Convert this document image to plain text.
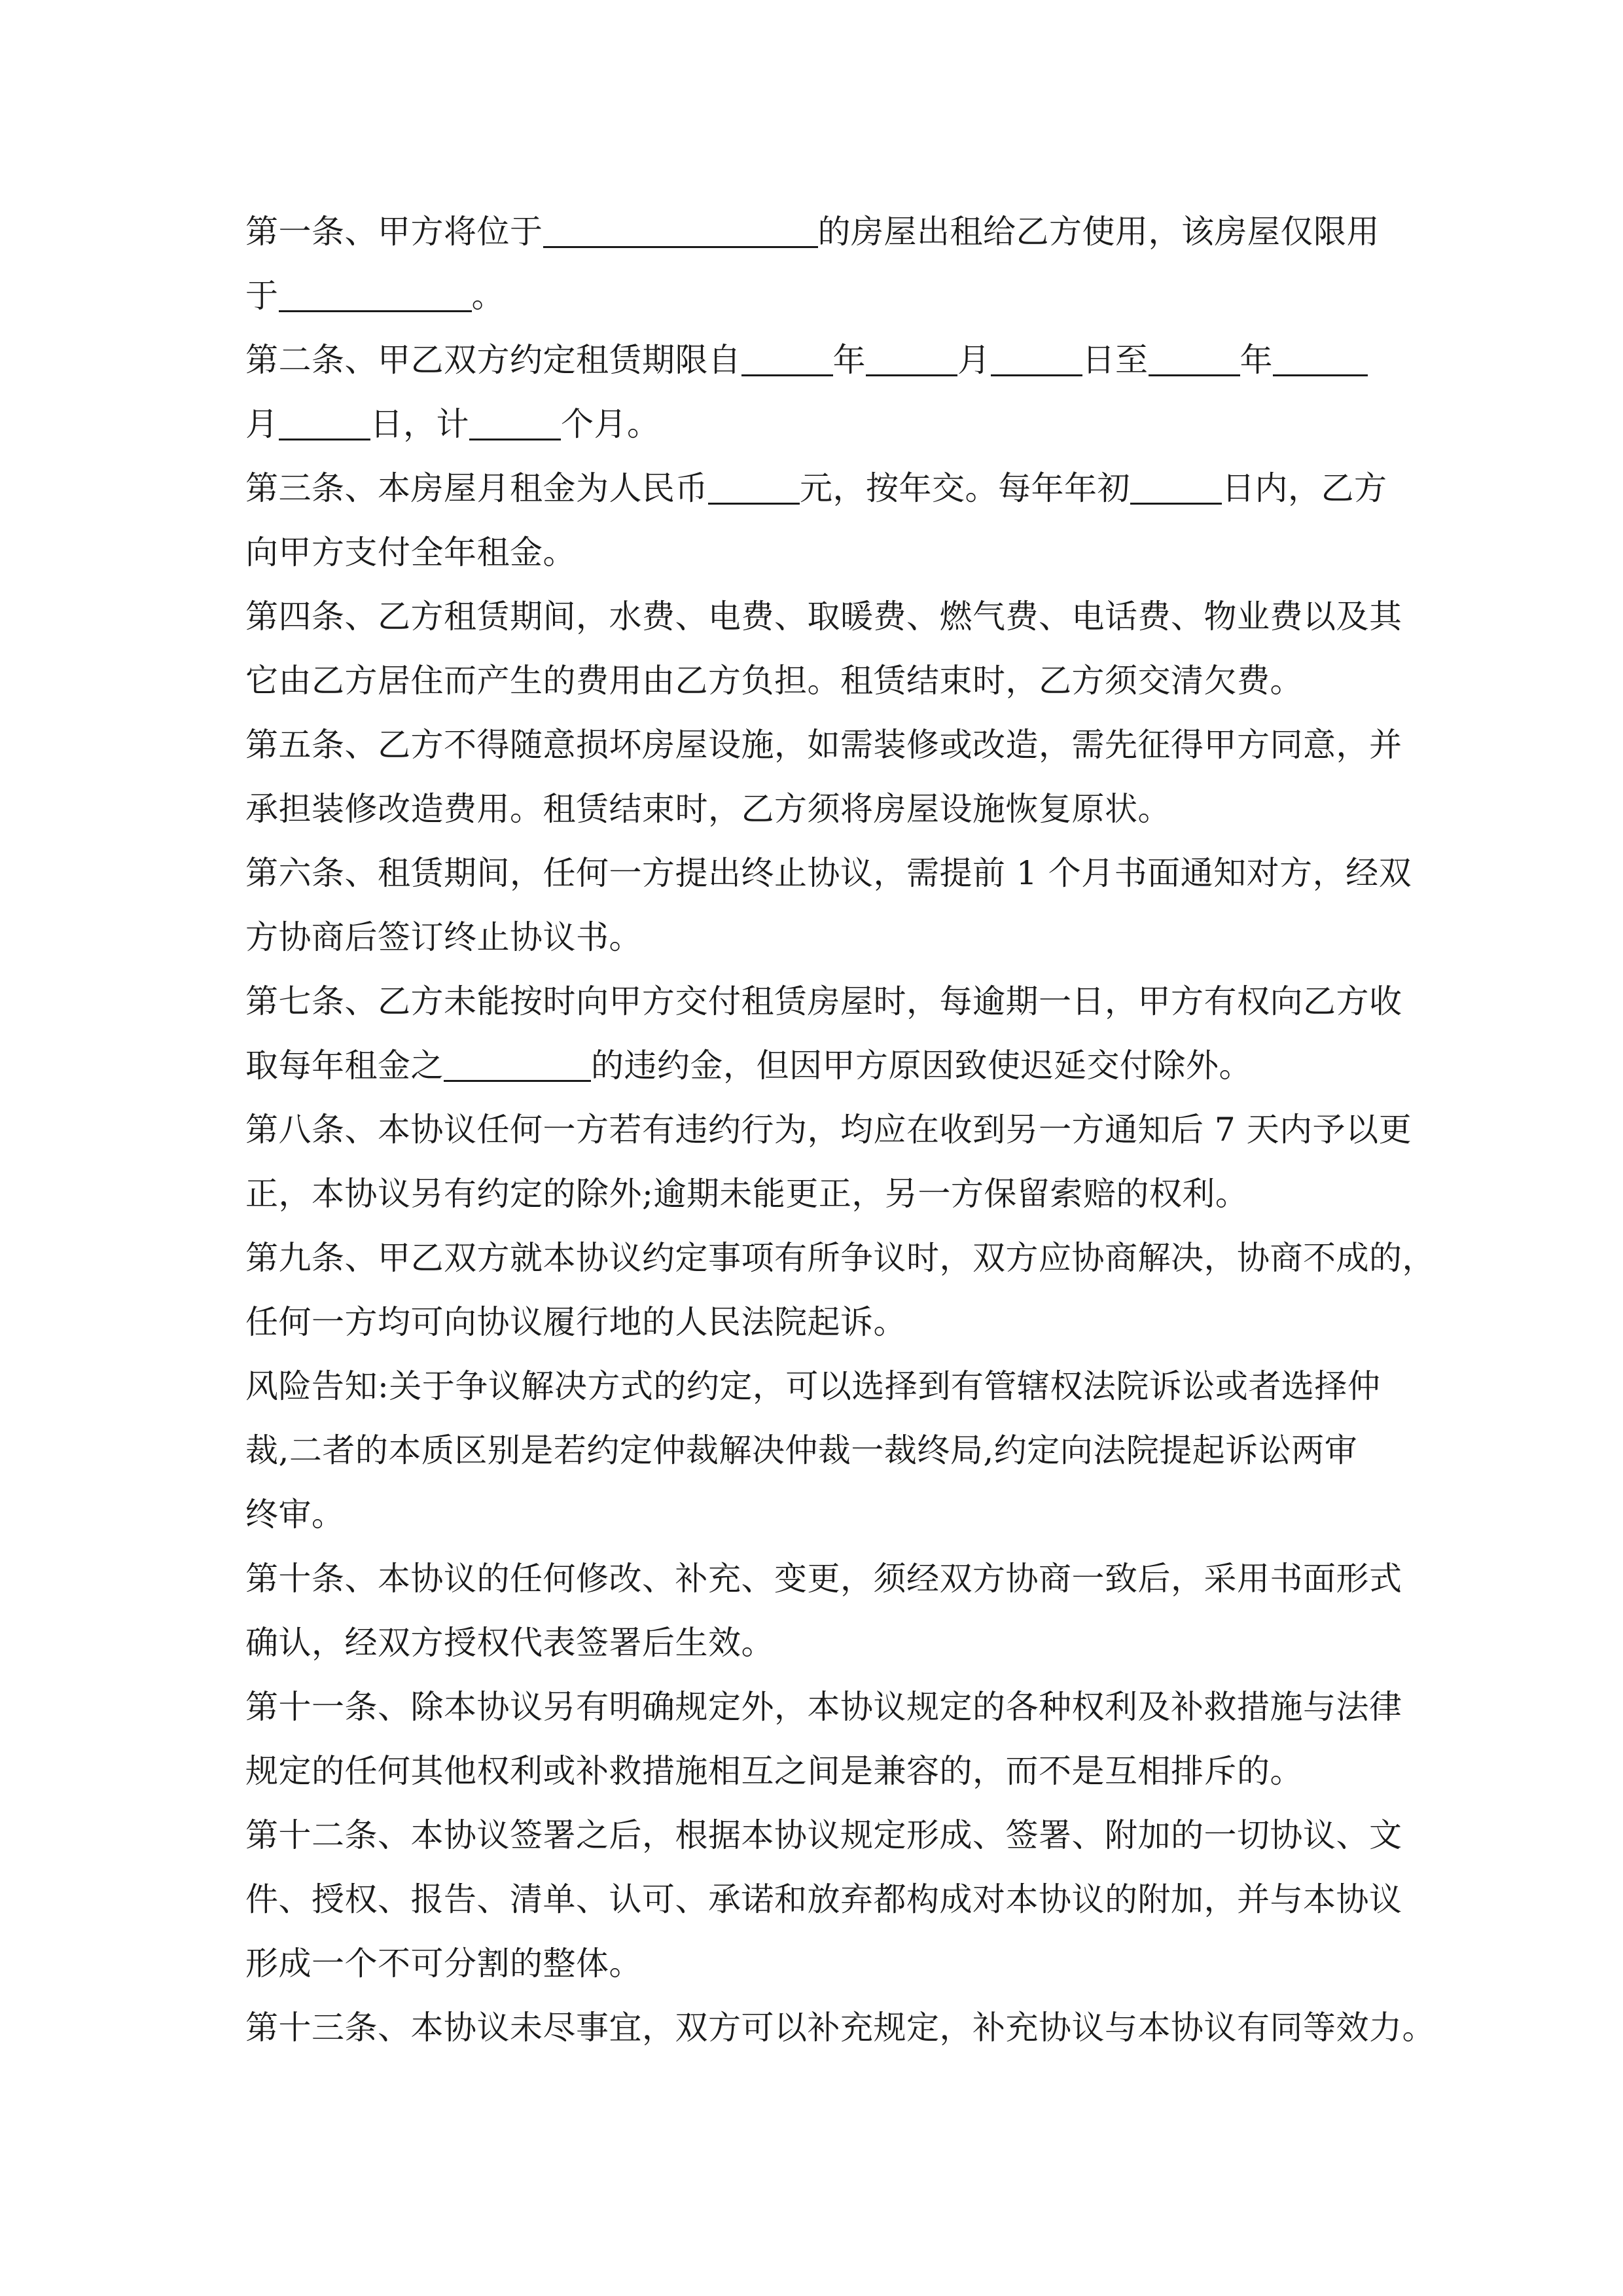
第一条、甲方将位于	的房屋出租给乙方使用，该房屋仅限用
于	。
第二条、甲乙双方约定租赁期限自	年	月	日至	年
月	日，计	个月。
第三条、本房屋月租金为人民币	元，按年交。每年年初	日内，乙方
向甲方支付全年租金。
第四条、乙方租赁期间，水费、电费、取暖费、燃气费、电话费、物业费以及其
它由乙方居住而产生的费用由乙方负担。租赁结束时，乙方须交清欠费。
第五条、乙方不得随意损坏房屋设施，如需装修或改造，需先征得甲方同意，并
承担装修改造费用。租赁结束时，乙方须将房屋设施恢复原状。
第六条、租赁期间，任何一方提出终止协议，需提前 1 个月书面通知对方，经双
方协商后签订终止协议书。
第七条、乙方未能按时向甲方交付租赁房屋时，每逾期一日，甲方有权向乙方收
取每年租金之	的违约金，但因甲方原因致使迟延交付除外。
第八条、本协议任何一方若有违约行为，均应在收到另一方通知后 7 天内予以更
正，本协议另有约定的除外;逾期未能更正，另一方保留索赔的权利。
第九条、甲乙双方就本协议约定事项有所争议时，双方应协商解决，协商不成的，
任何一方均可向协议履行地的人民法院起诉。
风险告知:关于争议解决方式的约定，可以选择到有管辖权法院诉讼或者选择仲
裁,二者的本质区别是若约定仲裁解决仲裁一裁终局,约定向法院提起诉讼两审
终审。
第十条、本协议的任何修改、补充、变更，须经双方协商一致后，采用书面形式
确认，经双方授权代表签署后生效。
第十一条、除本协议另有明确规定外，本协议规定的各种权利及补救措施与法律
规定的任何其他权利或补救措施相互之间是兼容的，而不是互相排斥的。
第十二条、本协议签署之后，根据本协议规定形成、签署、附加的一切协议、文
件、授权、报告、清单、认可、承诺和放弃都构成对本协议的附加，并与本协议
形成一个不可分割的整体。
第十三条、本协议未尽事宜，双方可以补充规定，补充协议与本协议有同等效力。
